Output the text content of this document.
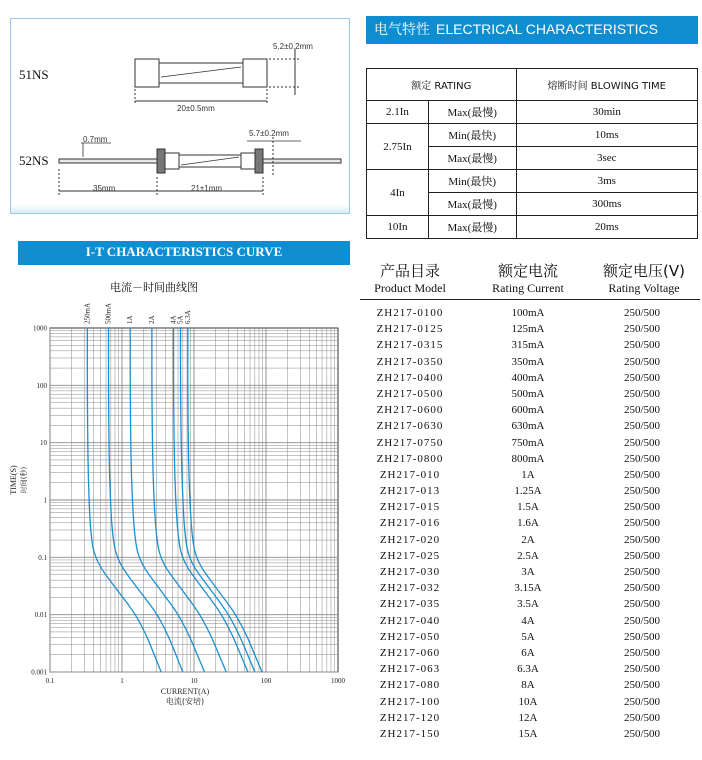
51NS
52NS
5.2±0.2mm
20±0.5mm
0.7mm
5.7±0.2mm
35mm	21±1mm
电气特性 ELECTRICAL CHARACTERISTICS
额定 RATING		熔断时间 BLOWING TIME
2.1In	Max(最慢)	30min
2.75In	Min(最快)	10ms
	Max(最慢)	3sec
4In	Min(最快)	3ms
	Max(最慢)	300ms
10In	Max(最慢)	20ms
I-T CHARACTERISTICS CURVE
电流－时间曲线图
0.1	1	10	100	1000
1000
100
10
1
0.1
0.01
0.001
250mA 500mA 1A 2A 4A
5A 6.3A
TIME(S) 时间(秒)
CURRENT(A)
电流(安培)
产品目录
Product Model
额定电流
Rating Current
额定电压(V)
Rating Voltage
ZH217-0100	100mA	250/500
ZH217-0125	125mA	250/500
ZH217-0315	315mA	250/500
ZH217-0350	350mA	250/500
ZH217-0400	400mA	250/500
ZH217-0500	500mA	250/500
ZH217-0600	600mA	250/500
ZH217-0630	630mA	250/500
ZH217-0750	750mA	250/500
ZH217-0800	800mA	250/500
ZH217-010	1A	250/500
ZH217-013	1.25A	250/500
ZH217-015	1.5A	250/500
ZH217-016	1.6A	250/500
ZH217-020	2A	250/500
ZH217-025	2.5A	250/500
ZH217-030	3A	250/500
ZH217-032	3.15A	250/500
ZH217-035	3.5A	250/500
ZH217-040	4A	250/500
ZH217-050	5A	250/500
ZH217-060	6A	250/500
ZH217-063	6.3A	250/500
ZH217-080	8A	250/500
ZH217-100	10A	250/500
ZH217-120	12A	250/500
ZH217-150	15A	250/500
